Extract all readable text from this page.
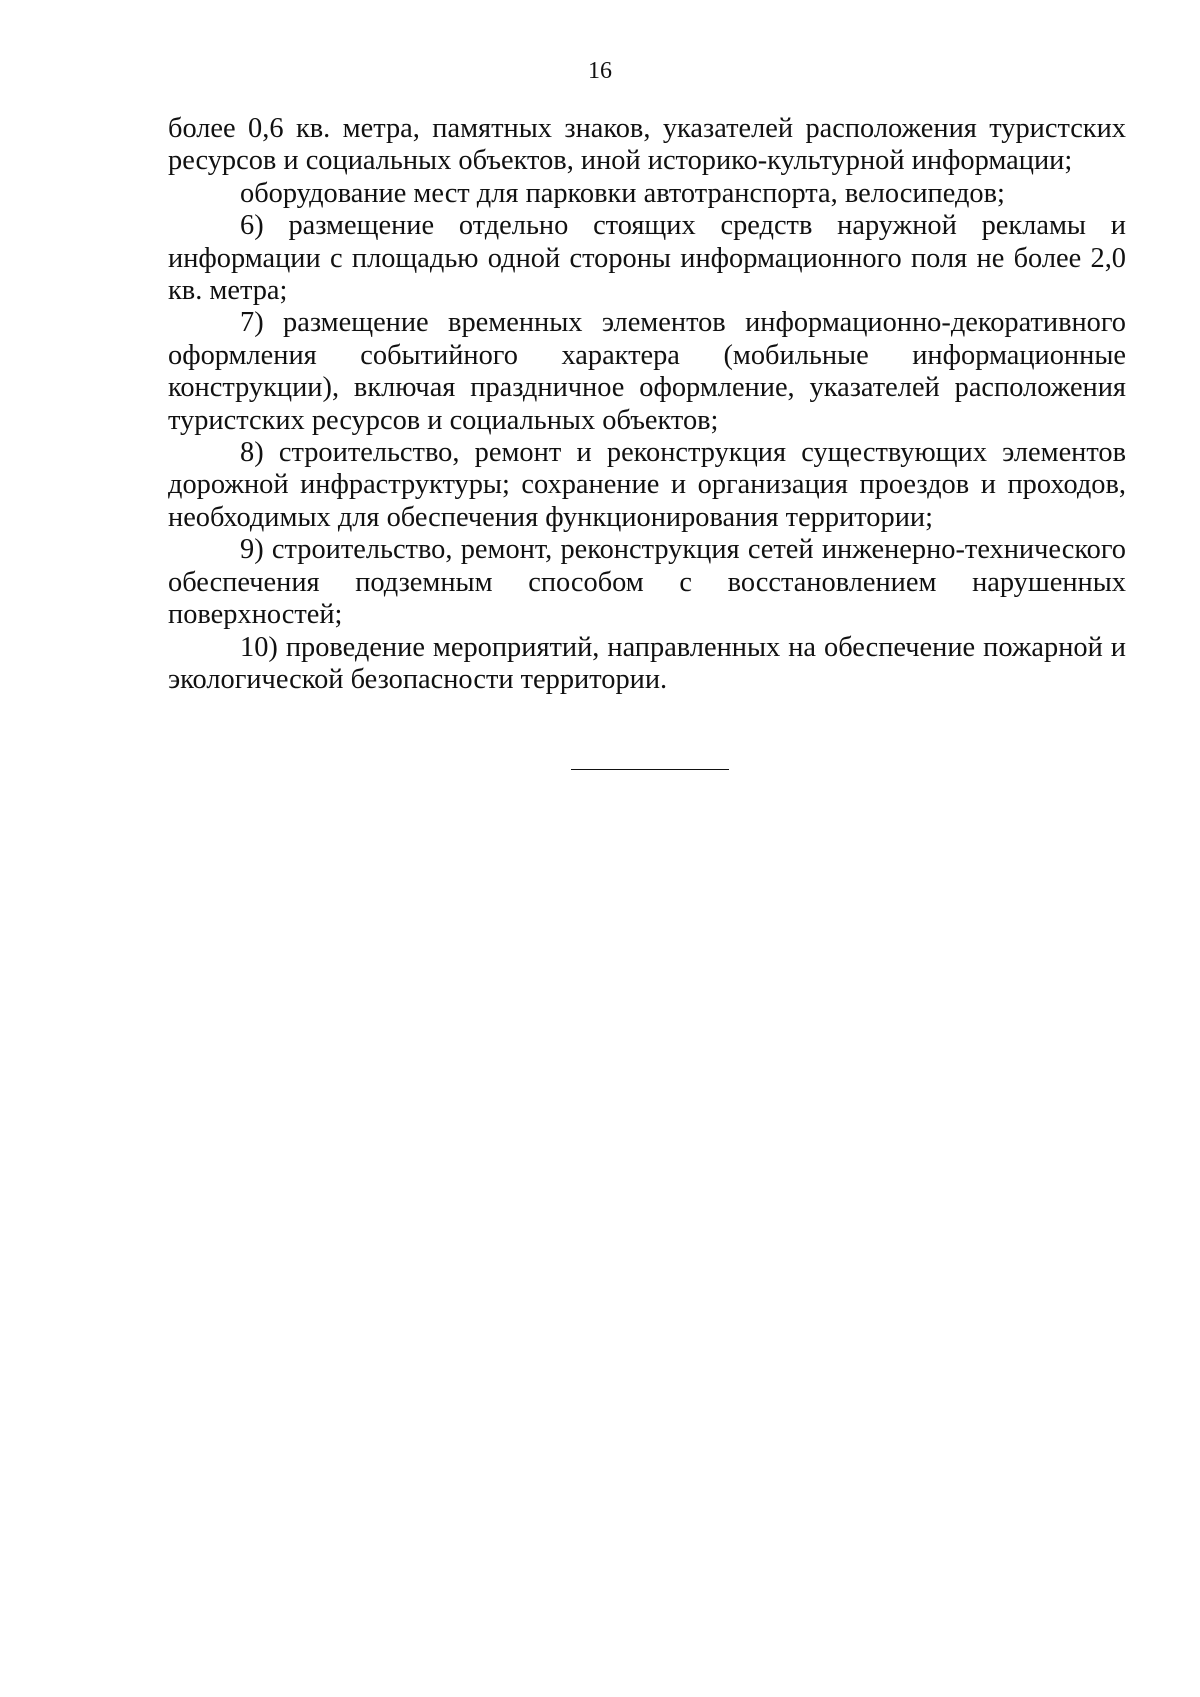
16

более 0,6 кв. метра, памятных знаков, указателей расположения туристских ресурсов и социальных объектов, иной историко-культурной информации;

оборудование мест для парковки автотранспорта, велосипедов;

6) размещение отдельно стоящих средств наружной рекламы и информации с площадью одной стороны информационного поля не более 2,0 кв. метра;

7) размещение временных элементов информационно-декоративного оформления событийного характера (мобильные информационные конструкции), включая праздничное оформление, указателей расположения туристских ресурсов и социальных объектов;

8) строительство, ремонт и реконструкция существующих элементов дорожной инфраструктуры; сохранение и организация проездов и проходов, необходимых для обеспечения функционирования территории;

9) строительство, ремонт, реконструкция сетей инженерно-технического обеспечения подземным способом с восстановлением нарушенных поверхностей;

10) проведение мероприятий, направленных на обеспечение пожарной и экологической безопасности территории.
